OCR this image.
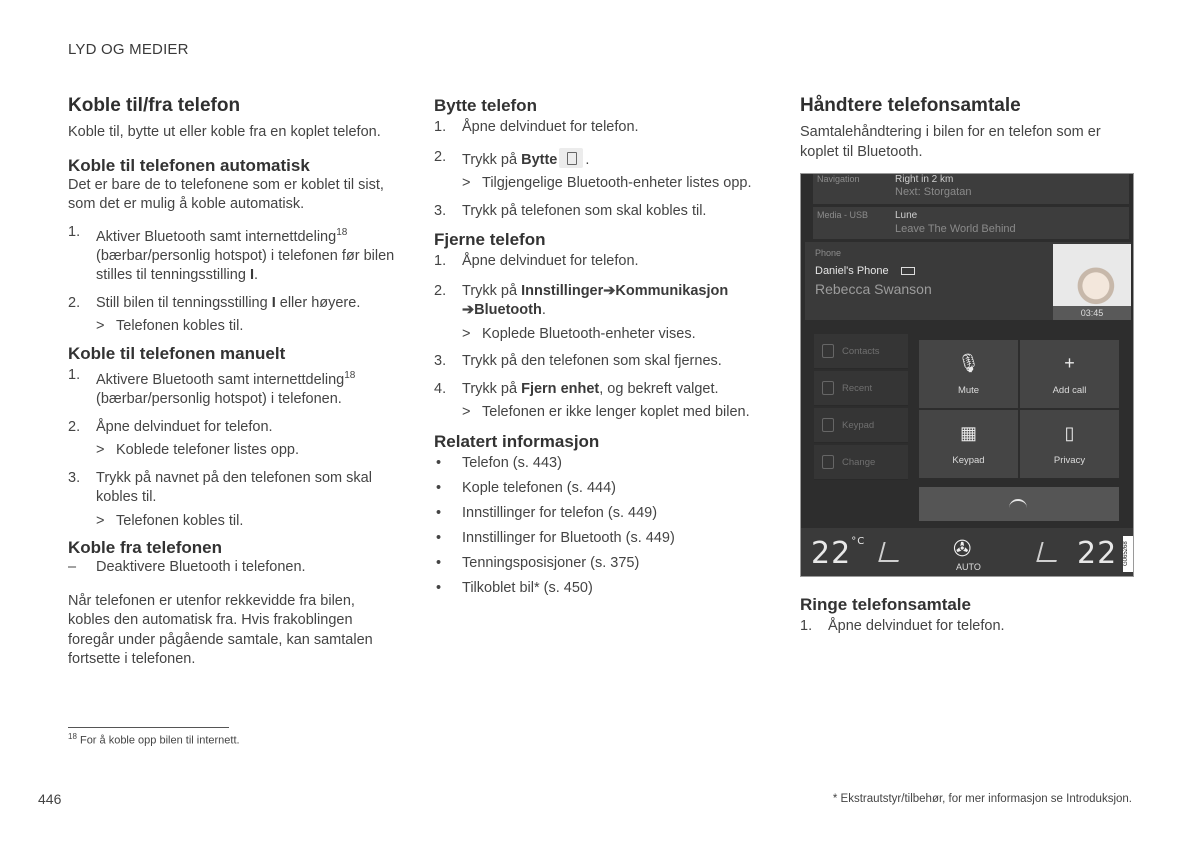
LYD OG MEDIER
Koble til/fra telefon

Koble til, bytte ut eller koble fra en koplet telefon.

Koble til telefonen automatisk

Det er bare de to telefonene som er koblet til sist, som det er mulig å koble automatisk.

1. Aktiver Bluetooth samt internettdeling$^{18}$ (bærbar/personlig hotspot) i telefonen før bilen stilles til tenningsstilling I.
2. Still bilen til tenningsstilling I eller høyere.
> Telefonen kobles til.
Koble til telefonen manuelt
1. Aktivere Bluetooth samt internettdeling$^{18}$ (bærbar/personlig hotspot) i telefonen.
2. Åpne delvinduet for telefon.
> Koblede telefoner listes opp.
3. Trykk på navnet på den telefonen som skal kobles til.
> Telefonen kobles til.
Koble fra telefonen

– Deaktivere Bluetooth i telefonen.

Når telefonen er utenfor rekkevidde fra bilen, kobles den automatisk fra. Hvis frakoblingen foregår under pågående samtale, kan samtalen fortsette i telefonen.

Bytte telefon
1. Åpne delvinduet for telefon.
2. Trykk på Bytte .
> Tilgjengelige Bluetooth-enheter listes opp.
3. Trykk på telefonen som skal kobles til.
Fjerne telefon
1. Åpne delvinduet for telefon.
2. Trykk på Innstillinger➔Kommunikasjon
➔Bluetooth.
> Koplede Bluetooth-enheter vises.
3. Trykk på den telefonen som skal fjernes.
4. Trykk på Fjern enhet, og bekreft valget.
> Telefonen er ikke lenger koplet med bilen.
Relatert informasjon
• Telefon (s. 443)
• Kople telefonen (s. 444)
• Innstillinger for telefon (s. 449)
• Innstillinger for Bluetooth (s. 449)
• Tenningsposisjoner (s. 375)
• Tilkoblet bil* (s. 450)
Håndtere telefonsamtale

Samtalehåndtering i bilen for en telefon som er koplet til Bluetooth.

Navigation	Right in 2 km
Next: Storgatan
Media - USB	Lune
Leave The World Behind
Phone
Daniel's Phone
Rebecca Swanson
03:45
Contacts
Recent
Keypad
Change
🎙
Mute
+
Add call
▦
Keypad
▯
Privacy
$22^{^\circ C}$	✇
AUTO	22 G065268
Ringe telefonsamtale
1. Åpne delvinduet for telefon.
$^{18}$ For å koble opp bilen til internett.
446	* Ekstrautstyr/tilbehør, for mer informasjon se Introduksjon.
